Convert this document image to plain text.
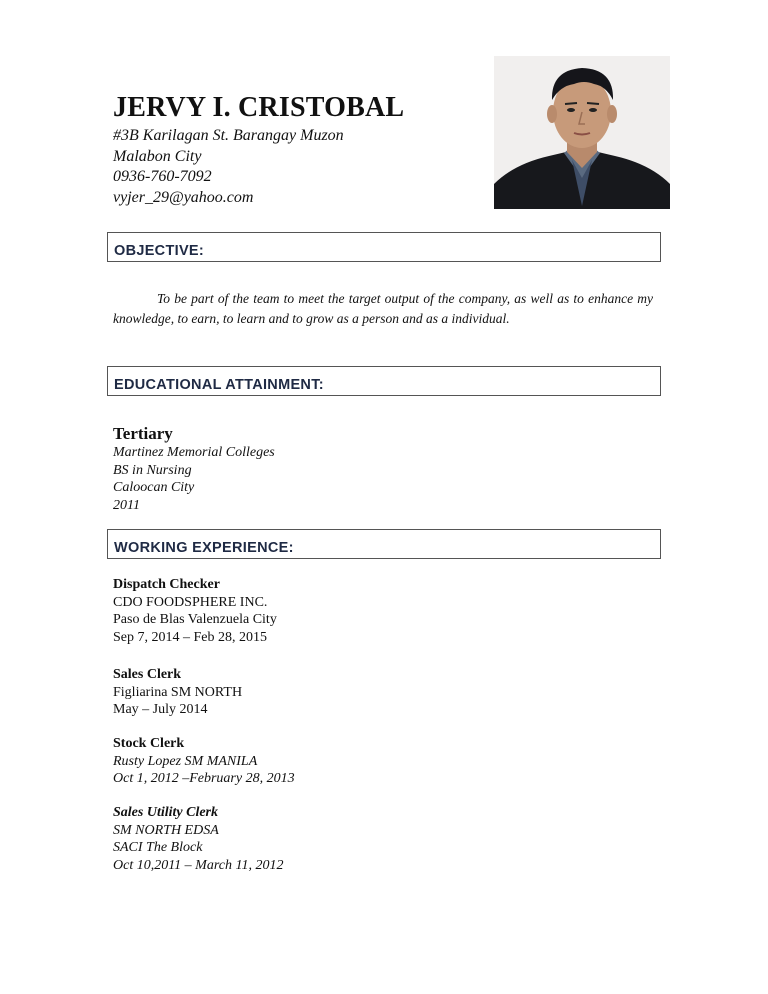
JERVY I. CRISTOBAL
#3B Karilagan St. Barangay Muzon
Malabon City
0936-760-7092
vyjer_29@yahoo.com
OBJECTIVE:

To be part of the team to meet the target output of the company, as well as to enhance my knowledge, to earn, to learn and to grow as a person and as a individual.

EDUCATIONAL ATTAINMENT:
Tertiary
Martinez Memorial Colleges
BS in Nursing
Caloocan City
2011
WORKING EXPERIENCE:
Dispatch Checker
CDO FOODSPHERE INC.
Paso de Blas Valenzuela City
Sep 7, 2014 – Feb 28, 2015
Sales Clerk
Figliarina SM NORTH
May – July 2014
Stock Clerk
Rusty Lopez SM MANILA
Oct 1, 2012 –February 28, 2013
Sales Utility Clerk
SM NORTH EDSA
SACI The Block
Oct 10,2011 – March 11, 2012
